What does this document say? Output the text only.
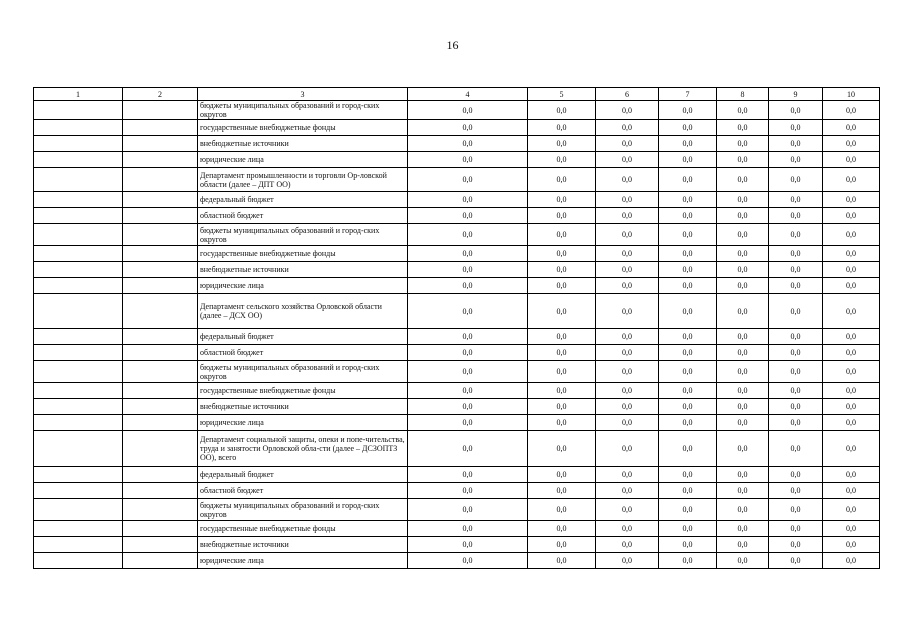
16
1	2	3	4	5	6	7	8	9	10
		бюджеты муниципальных образований и город-ских округов	0,0	0,0	0,0	0,0	0,0	0,0	0,0
		государственные внебюджетные фонды	0,0	0,0	0,0	0,0	0,0	0,0	0,0
		внебюджетные источники	0,0	0,0	0,0	0,0	0,0	0,0	0,0
		юридические лица	0,0	0,0	0,0	0,0	0,0	0,0	0,0
		Департамент промышленности и торговли Ор-ловской области (далее – ДПТ ОО)	0,0	0,0	0,0	0,0	0,0	0,0	0,0
		федеральный бюджет	0,0	0,0	0,0	0,0	0,0	0,0	0,0
		областной бюджет	0,0	0,0	0,0	0,0	0,0	0,0	0,0
		бюджеты муниципальных образований и город-ских округов	0,0	0,0	0,0	0,0	0,0	0,0	0,0
		государственные внебюджетные фонды	0,0	0,0	0,0	0,0	0,0	0,0	0,0
		внебюджетные источники	0,0	0,0	0,0	0,0	0,0	0,0	0,0
		юридические лица	0,0	0,0	0,0	0,0	0,0	0,0	0,0
		Департамент сельского хозяйства Орловской области (далее – ДСХ ОО)	0,0	0,0	0,0	0,0	0,0	0,0	0,0
		федеральный бюджет	0,0	0,0	0,0	0,0	0,0	0,0	0,0
		областной бюджет	0,0	0,0	0,0	0,0	0,0	0,0	0,0
		бюджеты муниципальных образований и город-ских округов	0,0	0,0	0,0	0,0	0,0	0,0	0,0
		государственные внебюджетные фонды	0,0	0,0	0,0	0,0	0,0	0,0	0,0
		внебюджетные источники	0,0	0,0	0,0	0,0	0,0	0,0	0,0
		юридические лица	0,0	0,0	0,0	0,0	0,0	0,0	0,0
		Департамент социальной защиты, опеки и попе-чительства, труда и занятости Орловской обла-сти (далее – ДСЗОПТЗ ОО), всего	0,0	0,0	0,0	0,0	0,0	0,0	0,0
		федеральный бюджет	0,0	0,0	0,0	0,0	0,0	0,0	0,0
		областной бюджет	0,0	0,0	0,0	0,0	0,0	0,0	0,0
		бюджеты муниципальных образований и город-ских округов	0,0	0,0	0,0	0,0	0,0	0,0	0,0
		государственные внебюджетные фонды	0,0	0,0	0,0	0,0	0,0	0,0	0,0
		внебюджетные источники	0,0	0,0	0,0	0,0	0,0	0,0	0,0
		юридические лица	0,0	0,0	0,0	0,0	0,0	0,0	0,0
